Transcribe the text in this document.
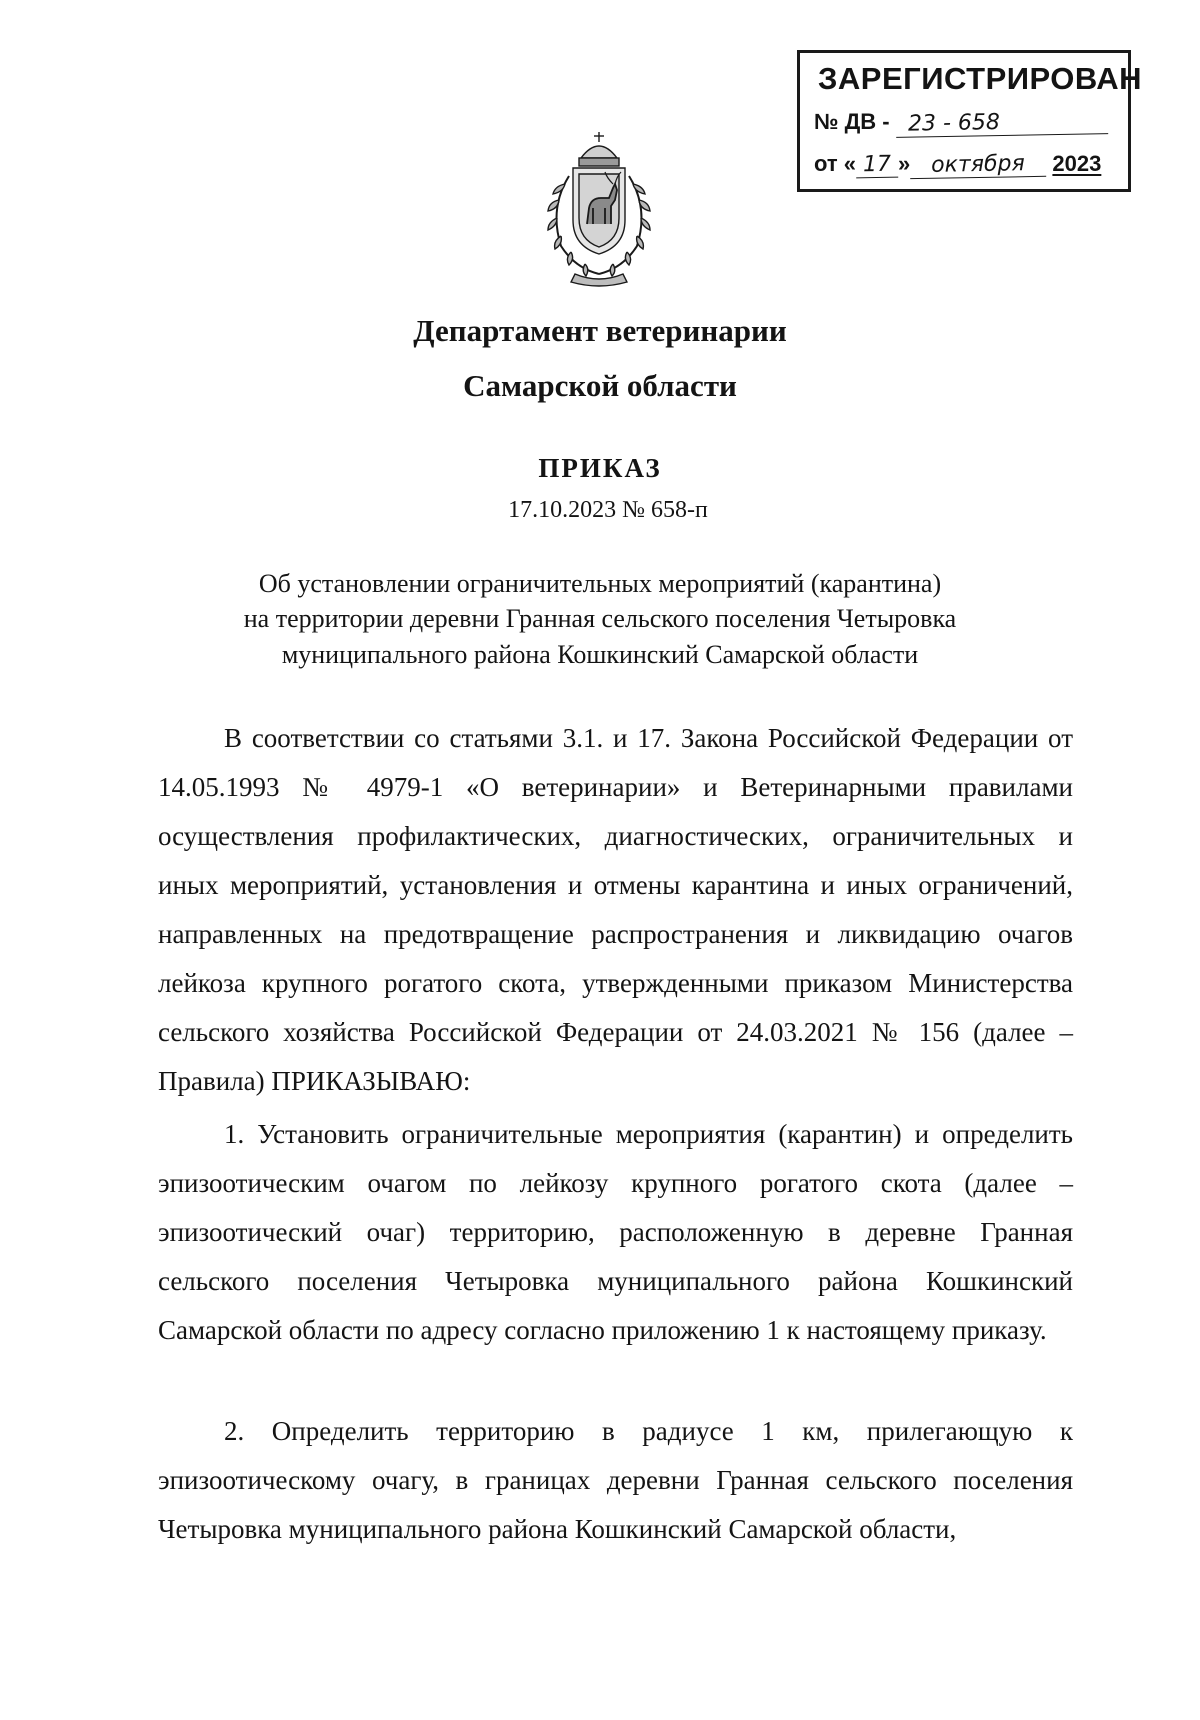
ЗАРЕГИСТРИРОВАН
№ ДВ - 23 - 658
от « 17 » октября 2023
Департамент ветеринарии
Самарской области
ПРИКАЗ
17.10.2023 № 658-п
Об установлении ограничительных мероприятий (карантина)
на территории деревни Гранная сельского поселения Четыровка
муниципального района Кошкинский Самарской области

В соответствии со статьями 3.1. и 17. Закона Российской Федерации от 14.05.1993 № 4979-1 «О ветеринарии» и Ветеринарными правилами осуществления профилактических, диагностических, ограничительных и иных мероприятий, установления и отмены карантина и иных ограничений, направленных на предотвращение распространения и ликвидацию очагов лейкоза крупного рогатого скота, утвержденными приказом Министерства сельского хозяйства Российской Федерации от 24.03.2021 № 156 (далее – Правила) ПРИКАЗЫВАЮ:

1. Установить ограничительные мероприятия (карантин) и определить эпизоотическим очагом по лейкозу крупного рогатого скота (далее – эпизоотический очаг) территорию, расположенную в деревне Гранная сельского поселения Четыровка муниципального района Кошкинский Самарской области по адресу согласно приложению 1 к настоящему приказу.

2. Определить территорию в радиусе 1 км, прилегающую к эпизоотическому очагу, в границах деревни Гранная сельского поселения Четыровка муниципального района Кошкинский Самарской области,
